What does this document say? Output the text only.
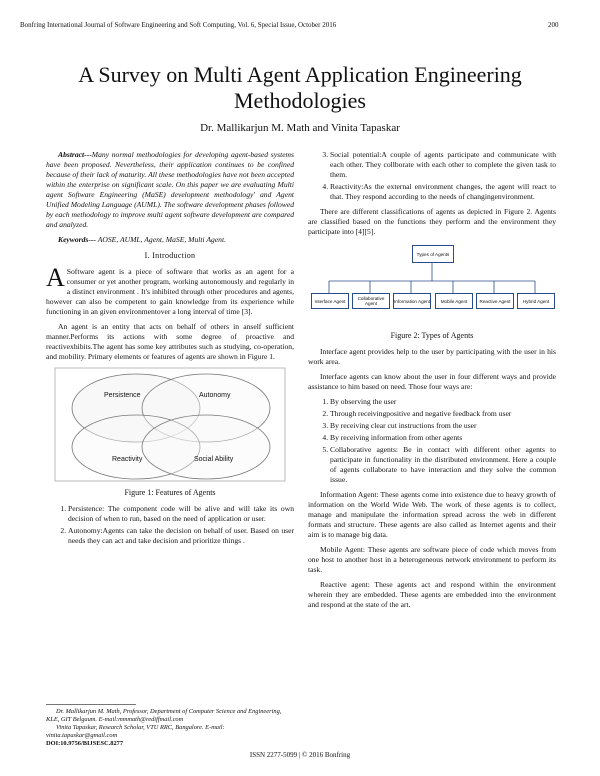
Bonfring International Journal of Software Engineering and Soft Computing, Vol. 6, Special Issue, October 2016	200
A Survey on Multi Agent Application Engineering Methodologies
Dr. Mallikarjun M. Math and Vinita Tapaskar

Abstract---Many normal methodologies for developing agent-based systems have been proposed. Nevertheless, their application continues to be confined because of their lack of maturity. All these methodologies have not been accepted within the enterprise on significant scale. On this paper we are evaluating Multi agent Software Engineering (MaSE) development methodology' and Agent Unified Modeling Language (AUML). The software development phases followed by each methodology to improve multi agent software development are compared and analyzed.

Keywords--- AOSE, AUML, Agent, MaSE, Multi Agent.

I. Introduction

A Software agent is a piece of software that works as an agent for a consumer or yet another program, working autonomously and regularly in a distinct environment . It's inhibited through other procedures and agents, however can also be competent to gain knowledge from its experience while functioning in an given environmentover a long interval of time [3].

An agent is an entity that acts on behalf of others in anself sufficient manner.Performs its actions with some degree of proactive and reactivexhibits.The agent has some key attributes such as studying, co-operation, and mobility. Primary elements or features of agents are shown in Figure 1.

Persistence	Autonomy
Reactivity	Social Ability
Figure 1: Features of Agents
1. Persistence: The component code will be alive and will take its own decision of when to run, based on the need of application or user.
2. Autonomy:Agents can take the decision on behalf of user. Based on user needs they can act and take decision and prioritize things .
Dr. Mallikarjun M. Math, Professor, Department of Computer Science and Engineering, KLE, GIT Belgaum. E-mail:mmmath@rediffmail.com
Vinita Tapaskar, Research Scholar, VTU RRC, Bangalore. E-mail: vinita.tapaskar@gmail.com
DOI:10.9756/BIJSESC.8277
3. Social potential:A couple of agents participate and communicate with each other. They collborate with each other to complete the given task to them.
4. Reactivity:As the external environment changes, the agent will react to that. They respond according to the needs of changingenvironment.

There are different classifications of agents as depicted in Figure 2. Agents are classified based on the functions they perform and the environment they participate into [4][5].

Types of Agents
Interface Agent	Collaborative Agent	Information Agent	Mobile Agent	Reactive Agent	Hybrid Agent
Figure 2: Types of Agents

Interface agent provides help to the user by participating with the user in his work area.

Interface agents can know about the user in four different ways and provide assistance to him based on need. Those four ways are:

1. By observing the user
2. Through receivingpositive and negative feedback from user
3. By receiving clear cut instructions from the user
4. By receiving information from other agents
5. Collaborative agents: Be in contact with different other agents to participate in functionality in the distributed environment. Here a couple of agents collaborate to have interaction and they solve the common issue.

Information Agent: These agents come into existence due to heavy growth of information on the World Wide Web. The work of these agents is to collect, manage and manipulate the information spread across the web in different formats and structure. These agents are also called as Internet agents and their aim is to manage big data.

Mobile Agent: These agents are software piece of code which moves from one host to another host in a heterogeneous network environment to perform its task.

Reactive agent: These agents act and respond within the environment wherein they are embedded. These agents are embedded into the environment and respond at the state of the art.

ISSN 2277-5099 | © 2016 Bonfring
